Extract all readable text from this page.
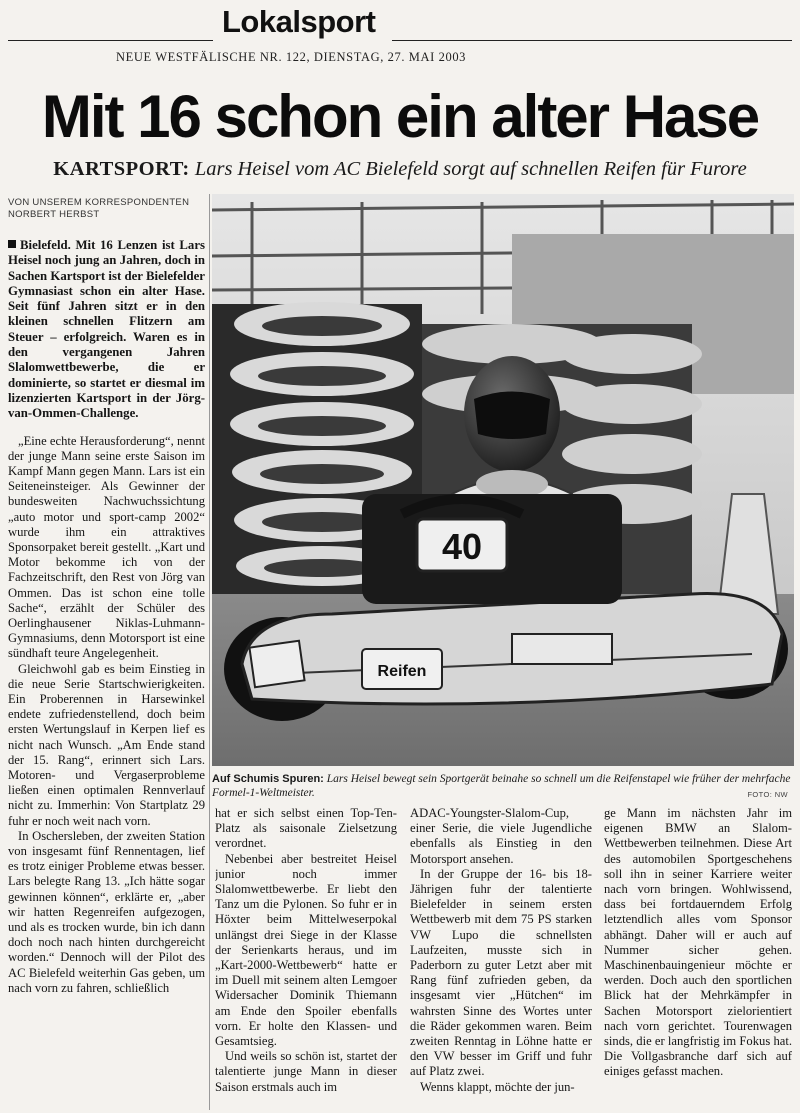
Lokalsport
NEUE WESTFÄLISCHE NR. 122, DIENSTAG, 27. MAI 2003
Mit 16 schon ein alter Hase
KARTSPORT: Lars Heisel vom AC Bielefeld sorgt auf schnellen Reifen für Furore
VON UNSEREM KORRESPONDENTEN
NORBERT HERBST

Bielefeld. Mit 16 Lenzen ist Lars Heisel noch jung an Jahren, doch in Sachen Kartsport ist der Bielefelder Gymnasiast schon ein alter Hase. Seit fünf Jahren sitzt er in den kleinen schnellen Flitzern am Steuer – erfolgreich. Waren es in den vergangenen Jahren Slalomwettbewerbe, die er dominierte, so startet er diesmal im lizenzierten Kartsport in der Jörg-van-Ommen-Challenge.

„Eine echte Herausforderung“, nennt der junge Mann seine erste Saison im Kampf Mann gegen Mann. Lars ist ein Seiteneinsteiger. Als Gewinner der bundesweiten Nachwuchssichtung „auto motor und sport-camp 2002“ wurde ihm ein attraktives Sponsorpaket bereit gestellt. „Kart und Motor bekomme ich von der Fachzeitschrift, den Rest von Jörg van Ommen. Das ist schon eine tolle Sache“, erzählt der Schüler des Oerlinghausener Niklas-Luhmann-Gymnasiums, denn Motorsport ist eine sündhaft teure Angelegenheit.

Gleichwohl gab es beim Einstieg in die neue Serie Startschwierigkeiten. Ein Proberennen in Harsewinkel endete zufriedenstellend, doch beim ersten Wertungslauf in Kerpen lief es nicht nach Wunsch. „Am Ende stand der 15. Rang“, erinnert sich Lars. Motoren- und Vergaserprobleme ließen einen optimalen Rennverlauf nicht zu. Immerhin: Von Startplatz 29 fuhr er noch weit nach vorn.

In Oschersleben, der zweiten Station von insgesamt fünf Rennentagen, lief es trotz einiger Probleme etwas besser. Lars belegte Rang 13. „Ich hätte sogar gewinnen können“, erklärte er, „aber wir hatten Regenreifen aufgezogen, und als es trocken wurde, bin ich dann doch noch nach hinten durchgereicht worden.“ Dennoch will der Pilot des AC Bielefeld weiterhin Gas geben, um nach vorn zu fahren, schließlich

40
Reifen
Auf Schumis Spuren: Lars Heisel bewegt sein Sportgerät beinahe so schnell um die Reifenstapel wie früher der mehrfache Formel-1-Weltmeister.	FOTO: NW

hat er sich selbst einen Top-Ten-Platz als saisonale Zielsetzung verordnet.

Nebenbei aber bestreitet Heisel junior noch immer Slalomwettbewerbe. Er liebt den Tanz um die Pylonen. So fuhr er in Höxter beim Mittelweserpokal unlängst drei Siege in der Klasse der Serienkarts heraus, und im „Kart-2000-Wettbewerb“ hatte er im Duell mit seinem alten Lemgoer Widersacher Dominik Thiemann am Ende den Spoiler ebenfalls vorn. Er holte den Klassen- und Gesamtsieg.

Und weils so schön ist, startet der talentierte junge Mann in dieser Saison erstmals auch im

ADAC-Youngster-Slalom-Cup, einer Serie, die viele Jugendliche ebenfalls als Einstieg in den Motorsport ansehen.

In der Gruppe der 16- bis 18-Jährigen fuhr der talentierte Bielefelder in seinem ersten Wettbewerb mit dem 75 PS starken VW Lupo die schnellsten Laufzeiten, musste sich in Paderborn zu guter Letzt aber mit Rang fünf zufrieden geben, da insgesamt vier „Hütchen“ im wahrsten Sinne des Wortes unter die Räder gekommen waren. Beim zweiten Renntag in Löhne hatte er den VW besser im Griff und fuhr auf Platz zwei.

Wenns klappt, möchte der jun-

ge Mann im nächsten Jahr im eigenen BMW an Slalom-Wettbewerben teilnehmen. Diese Art des automobilen Sportgeschehens soll ihn in seiner Karriere weiter nach vorn bringen. Wohlwissend, dass bei fortdauerndem Erfolg letztendlich alles vom Sponsor abhängt. Daher will er auch auf Nummer sicher gehen. Maschinenbauingenieur möchte er werden. Doch auch den sportlichen Blick hat der Mehrkämpfer in Sachen Motorsport zielorientiert nach vorn gerichtet. Tourenwagen sinds, die er langfristig im Fokus hat. Die Vollgasbranche darf sich auf einiges gefasst machen.
